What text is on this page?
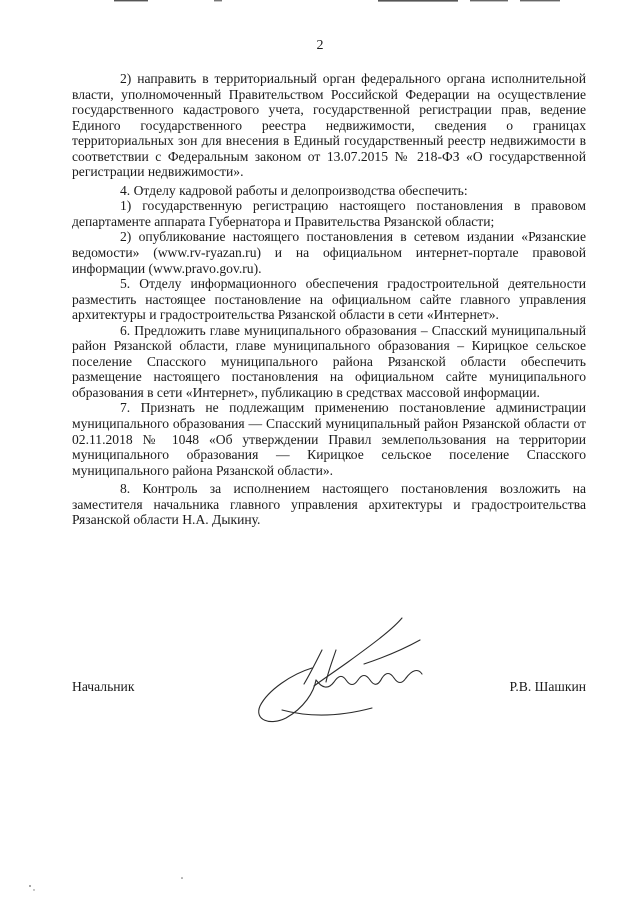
2

2) направить в территориальный орган федерального органа исполнительной власти, уполномоченный Правительством Российской Федерации на осуществление государственного кадастрового учета, государственной регистрации прав, ведение Единого государственного реестра недвижимости, сведения о границах территориальных зон для внесения в Единый государственный реестр недвижимости в соответствии с Федеральным законом от 13.07.2015 № 218-ФЗ «О государственной регистрации недвижимости».

4. Отделу кадровой работы и делопроизводства обеспечить:

1) государственную регистрацию настоящего постановления в правовом департаменте аппарата Губернатора и Правительства Рязанской области;

2) опубликование настоящего постановления в сетевом издании «Рязанские ведомости» (www.rv-ryazan.ru) и на официальном интернет-портале правовой информации (www.pravo.gov.ru).

5. Отделу информационного обеспечения градостроительной деятельности разместить настоящее постановление на официальном сайте главного управления архитектуры и градостроительства Рязанской области в сети «Интернет».

6. Предложить главе муниципального образования – Спасский муниципальный район Рязанской области, главе муниципального образования – Кирицкое сельское поселение Спасского муниципального района Рязанской области обеспечить размещение настоящего постановления на официальном сайте муниципального образования в сети «Интернет», публикацию в средствах массовой информации.

7. Признать не подлежащим применению постановление администрации муниципального образования — Спасский муниципальный район Рязанской области от 02.11.2018 № 1048 «Об утверждении Правил землепользования на территории муниципального образования — Кирицкое сельское поселение Спасского муниципального района Рязанской области».

8. Контроль за исполнением настоящего постановления возложить на заместителя начальника главного управления архитектуры и градостроительства Рязанской области Н.А. Дыкину.

Начальник	Р.В. Шашкин
